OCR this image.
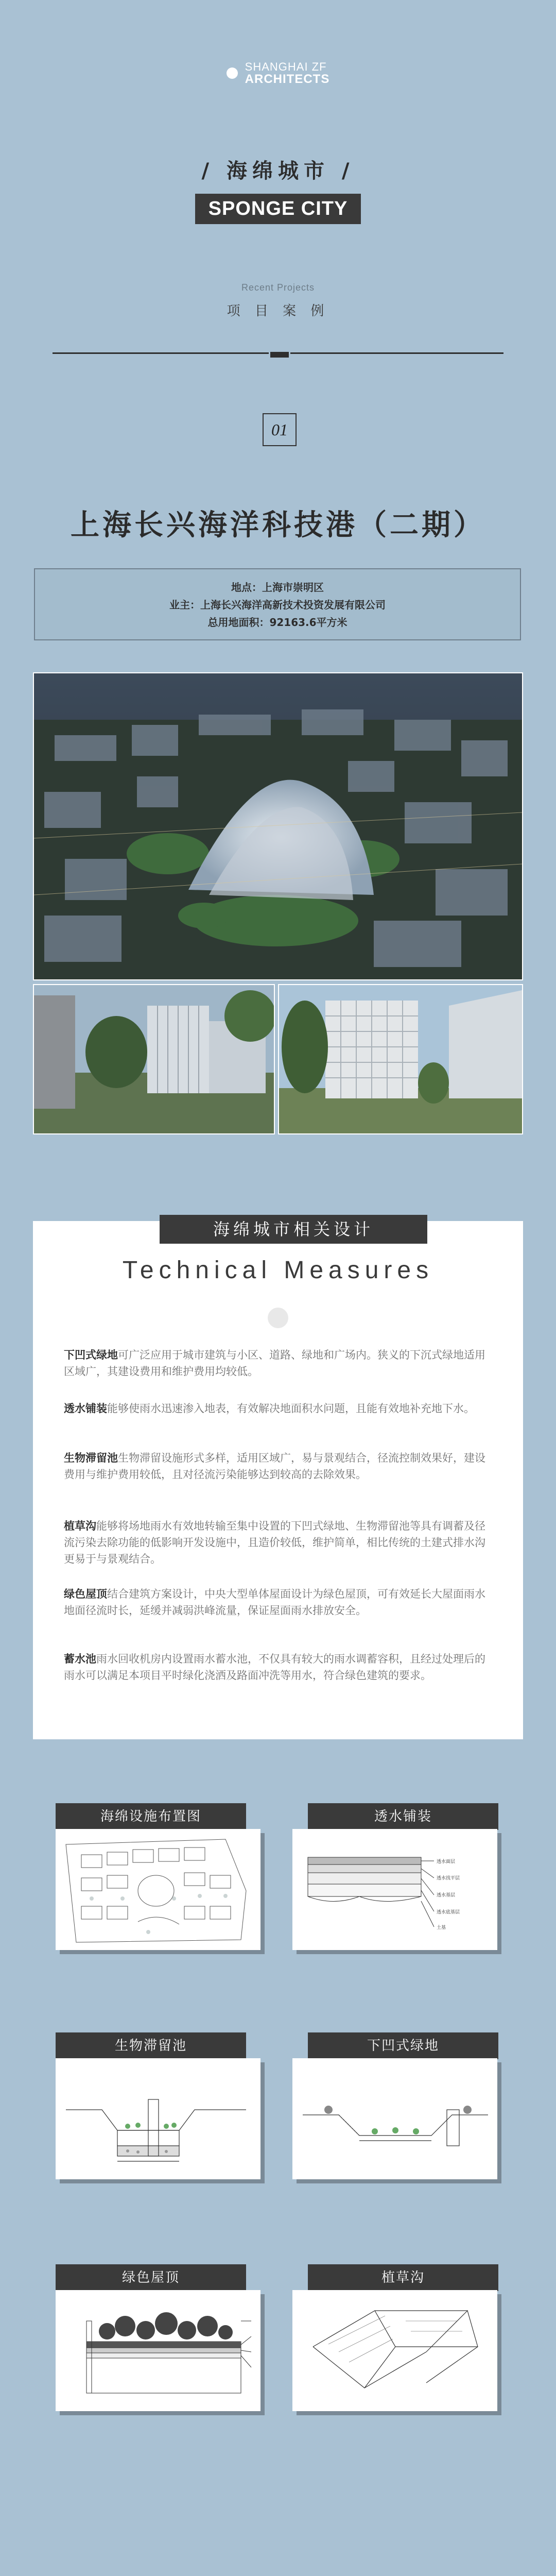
SHANGHAI ZF
ARCHITECTS
/ 海绵城市 /
SPONGE CITY
Recent Projects
项 目 案 例
01
上海长兴海洋科技港（二期）
地点：上海市崇明区
业主：上海长兴海洋高新技术投资发展有限公司
总用地面积：92163.6平方米
海绵城市相关设计
Technical Measures
下凹式绿地可广泛应用于城市建筑与小区、道路、绿地和广场内。狭义的下沉式绿地适用区域广，其建设费用和维护费用均较低。
透水铺装能够使雨水迅速渗入地表，有效解决地面积水问题，且能有效地补充地下水。
生物滞留池生物滞留设施形式多样，适用区域广，易与景观结合，径流控制效果好，建设费用与维护费用较低，且对径流污染能够达到较高的去除效果。
植草沟能够将场地雨水有效地转输至集中设置的下凹式绿地、生物滞留池等具有调蓄及径流污染去除功能的低影响开发设施中，且造价较低，维护简单，相比传统的土建式排水沟更易于与景观结合。
绿色屋顶结合建筑方案设计，中央大型单体屋面设计为绿色屋顶，可有效延长大屋面雨水地面径流时长，延缓并减弱洪峰流量，保证屋面雨水排放安全。
蓄水池雨水回收机房内设置雨水蓄水池，不仅具有较大的雨水调蓄容积，且经过处理后的雨水可以满足本项目平时绿化浇洒及路面冲洗等用水，符合绿色建筑的要求。
海绵设施布置图	透水铺装
透水面层
透水找平层
透水基层
透水底基层
土基
生物滞留池	下凹式绿地
绿色屋顶	植草沟
